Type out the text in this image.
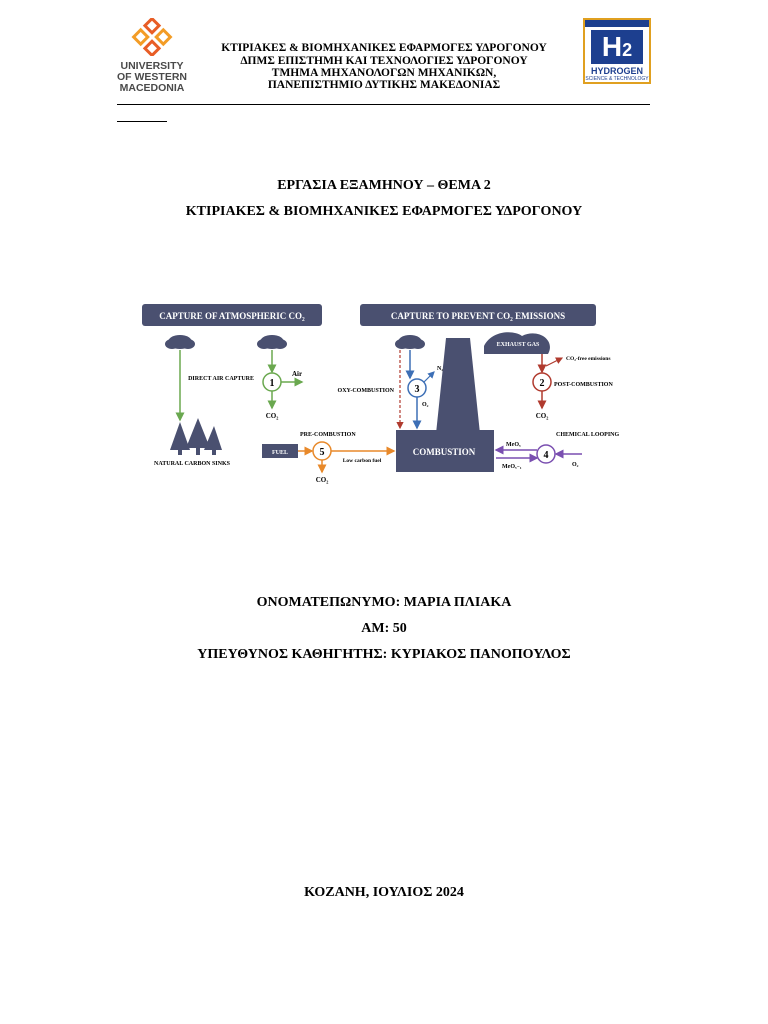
UNIVERSITY
OF WESTERN
MACEDONIA
ΚΤΙΡΙΑΚΕΣ & ΒΙΟΜΗΧΑΝΙΚΕΣ ΕΦΑΡΜΟΓΕΣ ΥΔΡΟΓΟΝΟΥ
ΔΠΜΣ ΕΠΙΣΤΗΜΗ ΚΑΙ ΤΕΧΝΟΛΟΓΙΕΣ ΥΔΡΟΓΟΝΟΥ
ΤΜΗΜΑ ΜΗΧΑΝΟΛΟΓΩΝ ΜΗΧΑΝΙΚΩΝ,
ΠΑΝΕΠΙΣΤΗΜΙΟ ΔΥΤΙΚΗΣ ΜΑΚΕΔΟΝΙΑΣ
H2
HYDROGEN
SCIENCE & TECHNOLOGY
ΕΡΓΑΣΙΑ ΕΞΑΜΗΝΟΥ – ΘΕΜΑ 2
ΚΤΙΡΙΑΚΕΣ & ΒΙΟΜΗΧΑΝΙΚΕΣ ΕΦΑΡΜΟΓΕΣ ΥΔΡΟΓΟΝΟΥ
CAPTURE OF ATMOSPHERIC CO₂	CAPTURE TO PREVENT CO₂ EMISSIONS
NATURAL CARBON SINKS
1
DIRECT AIR CAPTURE
Air
CO₂
EXHAUST GAS
COMBUSTION
3
OXY-COMBUSTION
N₂
O₂
CO₂-free emissions
2 POST-COMBUSTION
CO₂
4
CHEMICAL LOOPING
MeOₓ
MeOₓ₋₁	O₂
FUEL	5
PRE-COMBUSTION
Low carbon fuel
CO₂
ΟΝΟΜΑΤΕΠΩΝΥΜΟ: ΜΑΡΙΑ ΠΛΙΑΚΑ
ΑΜ: 50
ΥΠΕΥΘΥΝΟΣ ΚΑΘΗΓΗΤΗΣ: ΚΥΡΙΑΚΟΣ ΠΑΝΟΠΟΥΛΟΣ
ΚΟΖΑΝΗ, ΙΟΥΛΙΟΣ 2024
